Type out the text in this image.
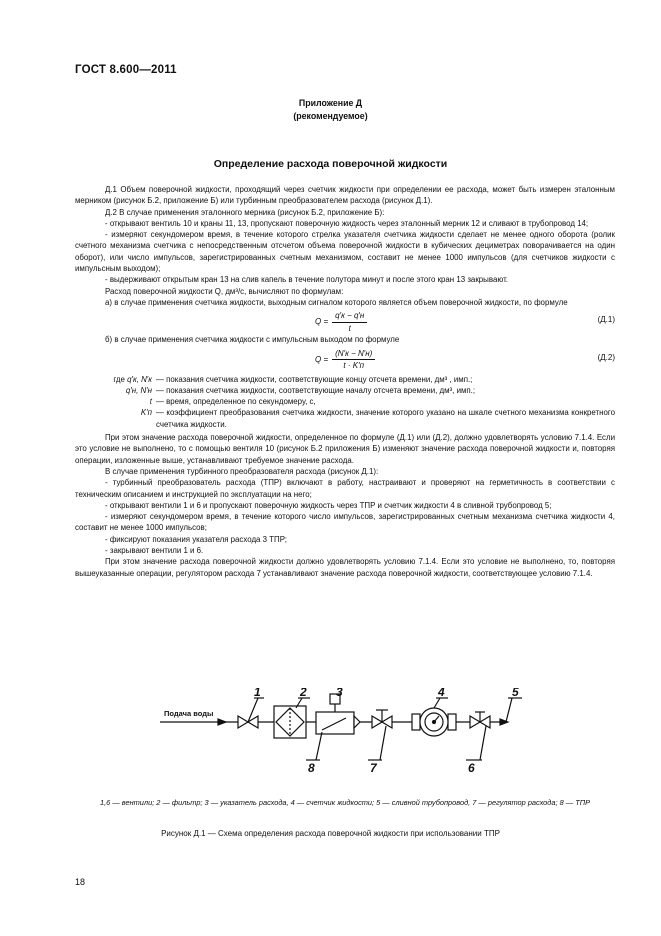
ГОСТ 8.600—2011
Приложение Д
(рекомендуемое)
Определение расхода поверочной жидкости

Д.1 Объем поверочной жидкости, проходящий через счетчик жидкости при определении ее расхода, может быть измерен эталонным мерником (рисунок Б.2, приложение Б) или турбинным преобразователем расхода (рисунок Д.1).

Д.2 В случае применения эталонного мерника (рисунок Б.2, приложение Б):

- открывают вентиль 10 и краны 11, 13, пропускают поверочную жидкость через эталонный мерник 12 и сливают в трубопровод 14;

- измеряют секундомером время, в течение которого стрелка указателя счетчика жидкости сделает не менее одного оборота (ролик счетного механизма счетчика с непосредственным отсчетом объема поверочной жидкости в кубических дециметрах поворачивается на один оборот), или число импульсов, зарегистрированных счетным механизмом, составит не менее 1000 импульсов (для счетчиков жидкости с импульсным выходом);

- выдерживают открытым кран 13 на слив капель в течение полутора минут и после этого кран 13 закрывают.

Расход поверочной жидкости Q, дм³/с, вычисляют по формулам:

а) в случае применения счетчика жидкости, выходным сигналом которого является объем поверочной жидкости, по формуле

$Q = \frac{q'к - q'н}{t}$	(Д.1)

б) в случае применения счетчика жидкости с импульсным выходом по формуле

$Q = \frac{(N'к - N'н)}{t \cdot K'п}$	(Д.2)
где q′к, N′к — показания счетчика жидкости, соответствующие концу отсчета времени, дм³ , имп.;
q′н, N′н — показания счетчика жидкости, соответствующие началу отсчета времени, дм³, имп.;
t — время, определенное по секундомеру, с,
K′п — коэффициент преобразования счетчика жидкости, значение которого указано на шкале счетного механизма конкретного счетчика жидкости.

При этом значение расхода поверочной жидкости, определенное по формуле (Д.1) или (Д.2), должно удовлетворять условию 7.1.4. Если это условие не выполнено, то с помощью вентиля 10 (рисунок Б.2 приложения Б) изменяют значение расхода поверочной жидкости и, повторяя операции, изложенные выше, устанавливают требуемое значение расхода.

В случае применения турбинного преобразователя расхода (рисунок Д.1):

- турбинный преобразователь расхода (ТПР) включают в работу, настраивают и проверяют на герметичность в соответствии с техническим описанием и инструкцией по эксплуатации на него;

- открывают вентили 1 и 6 и пропускают поверочную жидкость через ТПР и счетчик жидкости 4 в сливной трубопровод 5;

- измеряют секундомером время, в течение которого число импульсов, зарегистрированных счетным механизма счетчика жидкости 4, составит не менее 1000 импульсов;

- фиксируют показания указателя расхода 3 ТПР;

- закрывают вентили 1 и 6.

При этом значение расхода поверочной жидкости должно удовлетворять условию 7.1.4. Если это условие не выполнено, то, повторяя вышеуказанные операции, регулятором расхода 7 устанавливают значение расхода поверочной жидкости, соответствующее условию 7.1.4.

1	2 3	4	5
6
7
8
Подача воды
1,6 — вентили; 2 — фильтр; 3 — указатель расхода, 4 — счетчик жидкости; 5 — сливной трубопровод, 7 — регулятор расхода; 8 — ТПР
Рисунок Д.1 — Схема определения расхода поверочной жидкости при использовании ТПР
18
